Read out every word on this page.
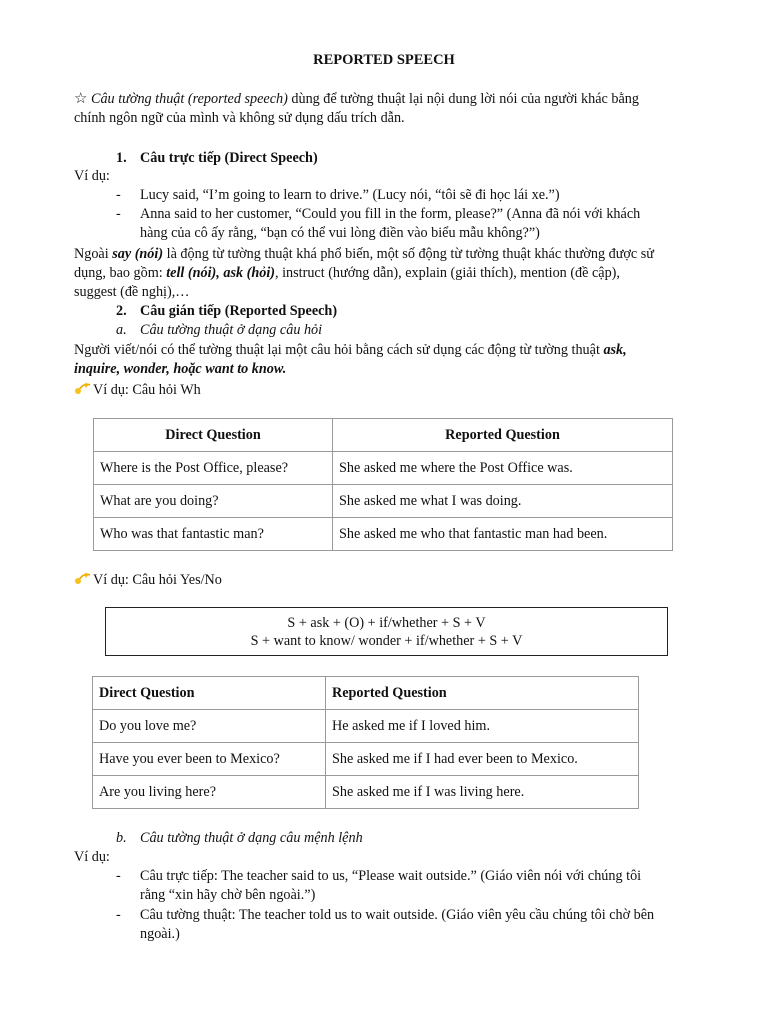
REPORTED SPEECH
☆ Câu tường thuật (reported speech) dùng để tường thuật lại nội dung lời nói của người khác bằng
chính ngôn ngữ của mình và không sử dụng dấu trích dẫn.
1. Câu trực tiếp (Direct Speech)
Ví dụ:
- Lucy said, “I’m going to learn to drive.” (Lucy nói, “tôi sẽ đi học lái xe.”)
- Anna said to her customer, “Could you fill in the form, please?” (Anna đã nói với khách
hàng của cô ấy rằng, “bạn có thể vui lòng điền vào biểu mẫu không?”)
Ngoài say (nói) là động từ tường thuật khá phổ biến, một số động từ tường thuật khác thường được sử
dụng, bao gồm: tell (nói), ask (hỏi), instruct (hướng dẫn), explain (giải thích), mention (đề cập),
suggest (đề nghị),…
2. Câu gián tiếp (Reported Speech)
a. Câu tường thuật ở dạng câu hỏi
Người viết/nói có thể tường thuật lại một câu hỏi bằng cách sử dụng các động từ tường thuật ask,
inquire, wonder, hoặc want to know.
Ví dụ: Câu hỏi Wh
Direct Question	Reported Question
Where is the Post Office, please?	She asked me where the Post Office was.
What are you doing?	She asked me what I was doing.
Who was that fantastic man?	She asked me who that fantastic man had been.
Ví dụ: Câu hỏi Yes/No
S + ask + (O) + if/whether + S + V
S + want to know/ wonder + if/whether + S + V
Direct Question	Reported Question
Do you love me?	He asked me if I loved him.
Have you ever been to Mexico?	She asked me if I had ever been to Mexico.
Are you living here?	She asked me if I was living here.
b. Câu tường thuật ở dạng câu mệnh lệnh
Ví dụ:
- Câu trực tiếp: The teacher said to us, “Please wait outside.” (Giáo viên nói với chúng tôi
rằng “xin hãy chờ bên ngoài.”)
- Câu tường thuật: The teacher told us to wait outside. (Giáo viên yêu cầu chúng tôi chờ bên
ngoài.)
